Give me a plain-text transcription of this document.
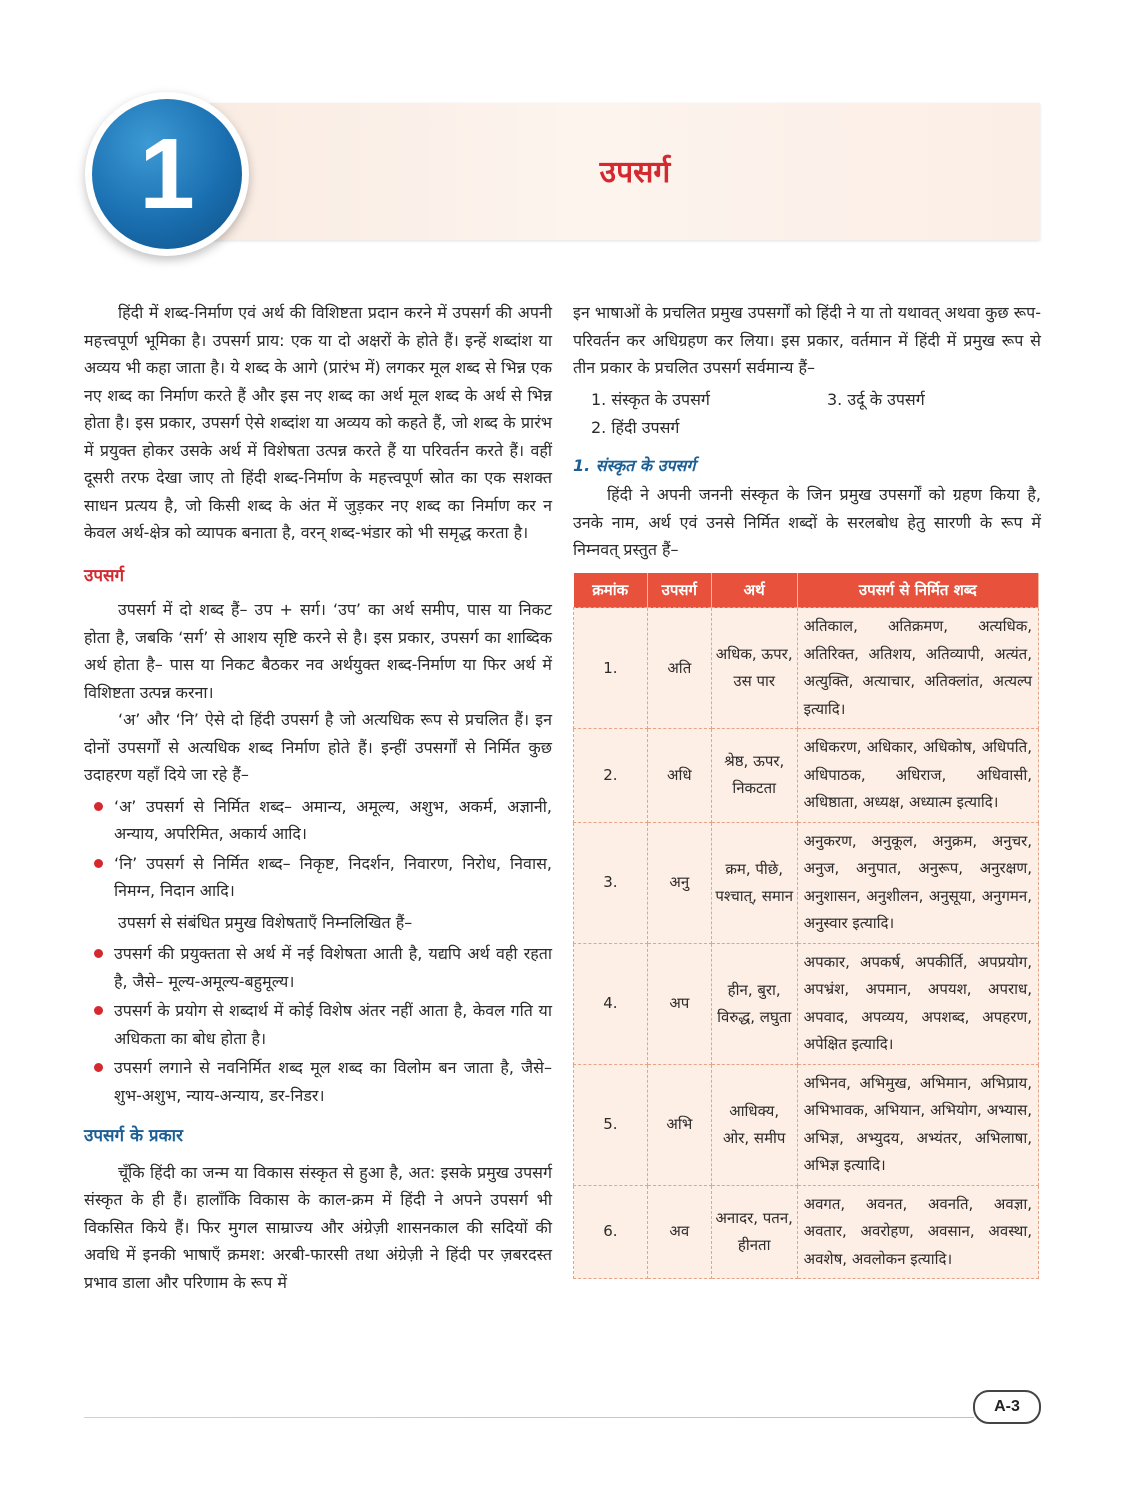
1	उपसर्ग

हिंदी में शब्द-निर्माण एवं अर्थ की विशिष्टता प्रदान करने में उपसर्ग की अपनी महत्त्वपूर्ण भूमिका है। उपसर्ग प्राय: एक या दो अक्षरों के होते हैं। इन्हें शब्दांश या अव्यय भी कहा जाता है। ये शब्द के आगे (प्रारंभ में) लगकर मूल शब्द से भिन्न एक नए शब्द का निर्माण करते हैं और इस नए शब्द का अर्थ मूल शब्द के अर्थ से भिन्न होता है। इस प्रकार, उपसर्ग ऐसे शब्दांश या अव्यय को कहते हैं, जो शब्द के प्रारंभ में प्रयुक्त होकर उसके अर्थ में विशेषता उत्पन्न करते हैं या परिवर्तन करते हैं। वहीं दूसरी तरफ देखा जाए तो हिंदी शब्द-निर्माण के महत्त्वपूर्ण स्रोत का एक सशक्त साधन प्रत्यय है, जो किसी शब्द के अंत में जुड़कर नए शब्द का निर्माण कर न केवल अर्थ-क्षेत्र को व्यापक बनाता है, वरन् शब्द-भंडार को भी समृद्ध करता है।

उपसर्ग

उपसर्ग में दो शब्द हैं– उप + सर्ग। ‘उप’ का अर्थ समीप, पास या निकट होता है, जबकि ‘सर्ग’ से आशय सृष्टि करने से है। इस प्रकार, उपसर्ग का शाब्दिक अर्थ होता है– पास या निकट बैठकर नव अर्थयुक्त शब्द-निर्माण या फिर अर्थ में विशिष्टता उत्पन्न करना।

‘अ’ और ‘नि’ ऐसे दो हिंदी उपसर्ग है जो अत्यधिक रूप से प्रचलित हैं। इन दोनों उपसर्गों से अत्यधिक शब्द निर्माण होते हैं। इन्हीं उपसर्गों से निर्मित कुछ उदाहरण यहाँ दिये जा रहे हैं–

‘अ’ उपसर्ग से निर्मित शब्द– अमान्य, अमूल्य, अशुभ, अकर्म, अज्ञानी, अन्याय, अपरिमित, अकार्य आदि।
‘नि’ उपसर्ग से निर्मित शब्द– निकृष्ट, निदर्शन, निवारण, निरोध, निवास, निमग्न, निदान आदि।

उपसर्ग से संबंधित प्रमुख विशेषताएँ निम्नलिखित हैं–

उपसर्ग की प्रयुक्तता से अर्थ में नई विशेषता आती है, यद्यपि अर्थ वही रहता है, जैसे– मूल्य-अमूल्य-बहुमूल्य।
उपसर्ग के प्रयोग से शब्दार्थ में कोई विशेष अंतर नहीं आता है, केवल गति या अधिकता का बोध होता है।
उपसर्ग लगाने से नवनिर्मित शब्द मूल शब्द का विलोम बन जाता है, जैसे– शुभ-अशुभ, न्याय-अन्याय, डर-निडर।
उपसर्ग के प्रकार

चूँकि हिंदी का जन्म या विकास संस्कृत से हुआ है, अत: इसके प्रमुख उपसर्ग संस्कृत के ही हैं। हालाँकि विकास के काल-क्रम में हिंदी ने अपने उपसर्ग भी विकसित किये हैं। फिर मुगल साम्राज्य और अंग्रेज़ी शासनकाल की सदियों की अवधि में इनकी भाषाएँ क्रमश: अरबी-फारसी तथा अंग्रेज़ी ने हिंदी पर ज़बरदस्त प्रभाव डाला और परिणाम के रूप में

इन भाषाओं के प्रचलित प्रमुख उपसर्गों को हिंदी ने या तो यथावत् अथवा कुछ रूप-परिवर्तन कर अधिग्रहण कर लिया। इस प्रकार, वर्तमान में हिंदी में प्रमुख रूप से तीन प्रकार के प्रचलित उपसर्ग सर्वमान्य हैं–

1. संस्कृत के उपसर्ग	3. उर्दू के उपसर्ग
2. हिंदी उपसर्ग
1. संस्कृत के उपसर्ग

हिंदी ने अपनी जननी संस्कृत के जिन प्रमुख उपसर्गों को ग्रहण किया है, उनके नाम, अर्थ एवं उनसे निर्मित शब्दों के सरलबोध हेतु सारणी के रूप में निम्नवत् प्रस्तुत हैं–

क्रमांक	उपसर्ग	अर्थ	उपसर्ग से निर्मित शब्द
1.	अति	अधिक, ऊपर, उस पार	अतिकाल, अतिक्रमण, अत्यधिक, अतिरिक्त, अतिशय, अतिव्यापी, अत्यंत, अत्युक्ति, अत्याचार, अतिक्लांत, अत्यल्प इत्यादि।
2.	अधि	श्रेष्ठ, ऊपर, निकटता	अधिकरण, अधिकार, अधिकोष, अधिपति, अधिपाठक, अधिराज, अधिवासी, अधिष्ठाता, अध्यक्ष, अध्यात्म इत्यादि।
3.	अनु	क्रम, पीछे, पश्चात्, समान	अनुकरण, अनुकूल, अनुक्रम, अनुचर, अनुज, अनुपात, अनुरूप, अनुरक्षण, अनुशासन, अनुशीलन, अनुसूया, अनुगमन, अनुस्वार इत्यादि।
4.	अप	हीन, बुरा, विरुद्ध, लघुता	अपकार, अपकर्ष, अपकीर्ति, अपप्रयोग, अपभ्रंश, अपमान, अपयश, अपराध, अपवाद, अपव्यय, अपशब्द, अपहरण, अपेक्षित इत्यादि।
5.	अभि	आधिक्य, ओर, समीप	अभिनव, अभिमुख, अभिमान, अभिप्राय, अभिभावक, अभियान, अभियोग, अभ्यास, अभिज्ञ, अभ्युदय, अभ्यंतर, अभिलाषा, अभिज्ञ इत्यादि।
6.	अव	अनादर, पतन, हीनता	अवगत, अवनत, अवनति, अवज्ञा, अवतार, अवरोहण, अवसान, अवस्था, अवशेष, अवलोकन इत्यादि।
A-3
